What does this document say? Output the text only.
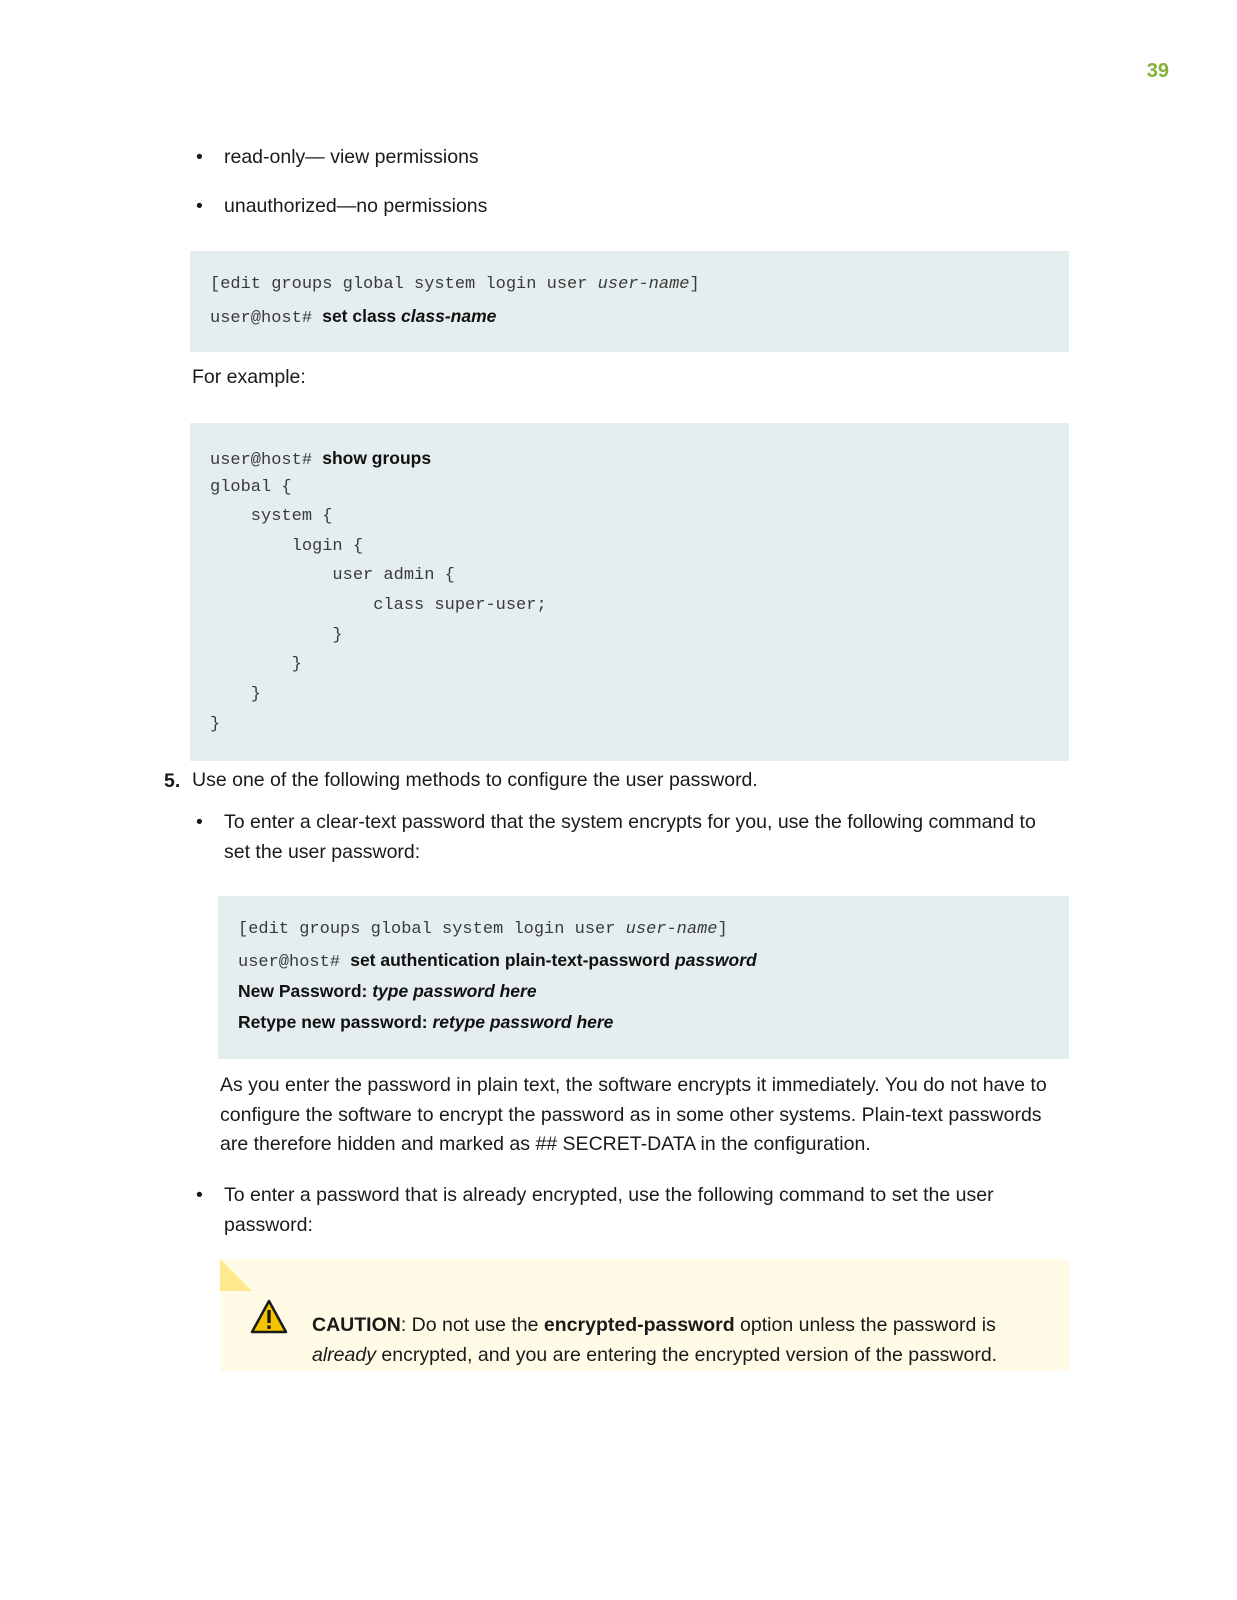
39
• read-only— view permissions
• unauthorized—no permissions
[edit groups global system login user user-name]
user@host# set class class-name
For example:
user@host# show groups
global {
system {
login {
user admin {
class super-user;
}
}
}
}
5. Use one of the following methods to configure the user password.
• To enter a clear-text password that the system encrypts for you, use the following command to
set the user password:
[edit groups global system login user user-name]
user@host# set authentication plain-text-password password
New Password: type password here
Retype new password: retype password here
As you enter the password in plain text, the software encrypts it immediately. You do not have to
configure the software to encrypt the password as in some other systems. Plain-text passwords
are therefore hidden and marked as ## SECRET-DATA in the configuration.
• To enter a password that is already encrypted, use the following command to set the user
password:
CAUTION: Do not use the encrypted-password option unless the password is
already encrypted, and you are entering the encrypted version of the password.
